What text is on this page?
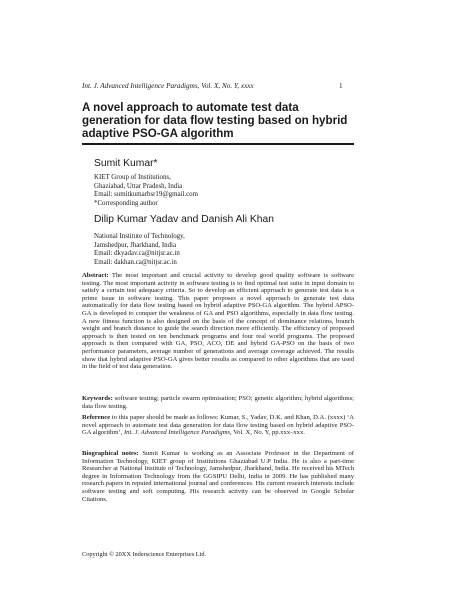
Int. J. Advanced Intelligence Paradigms, Vol. X, No. Y, xxxx	1
A novel approach to automate test data generation for data flow testing based on hybrid adaptive PSO-GA algorithm
Sumit Kumar*
KIET Group of Institutions,
Ghaziabad, Uttar Pradesh, India
Email: sumitkumarbsr19@gmail.com
*Corresponding author
Dilip Kumar Yadav and Danish Ali Khan
National Institute of Technology,
Jamshedpur, Jharkhand, India
Email: dkyadav.ca@nitjsr.ac.in
Email: dakhan.ca@nitjsr.ac.in

Abstract: The most important and crucial activity to develop good quality software is software testing. The most important activity in software testing is to find optimal test suite in input domain to satisfy a certain test adequacy criteria. So to develop an efficient approach to generate test data is a prime issue in software testing. This paper proposes a novel approach to generate test data automatically for data flow testing based on hybrid adaptive PSO-GA algorithm. The hybrid APSO-GA is developed to conquer the weakness of GA and PSO algorithms, especially in data flow testing. A new fitness function is also designed on the basis of the concept of dominance relations, branch weight and branch distance to guide the search direction more efficiently. The efficiency of proposed approach is then tested on ten benchmark programs and four real world programs. The proposed approach is then compared with GA, PSO, ACO, DE and hybrid GA-PSO on the basis of two performance parameters, average number of generations and average coverage achieved. The results show that hybrid adaptive PSO-GA gives better results as compared to other algorithms that are used in the field of test data generation.

Keywords: software testing; particle swarm optimisation; PSO; genetic algorithm; hybrid algorithms; data flow testing.

Reference to this paper should be made as follows: Kumar, S., Yadav, D.K. and Khan, D.A. (xxxx) ‘A novel approach to automate test data generation for data flow testing based on hybrid adaptive PSO-GA algorithm’, Int. J. Advanced Intelligence Paradigms, Vol. X, No. Y, pp.xxx–xxx.

Biographical notes: Sumit Kumar is working as an Associate Professor in the Department of Information Technology, KIET group of Institutions Ghaziabad U.P India. He is also a part-time Researcher at National Institute of Technology, Jamshedpur, Jharkhand, India. He received his MTech degree in Information Technology from the GGSIPU Delhi, India in 2009. He has published many research papers in reputed international journal and conferences. His current research interests include software testing and soft computing. His research activity can be observed in Google Scholar Citations.

Copyright © 20XX Inderscience Enterprises Ltd.
